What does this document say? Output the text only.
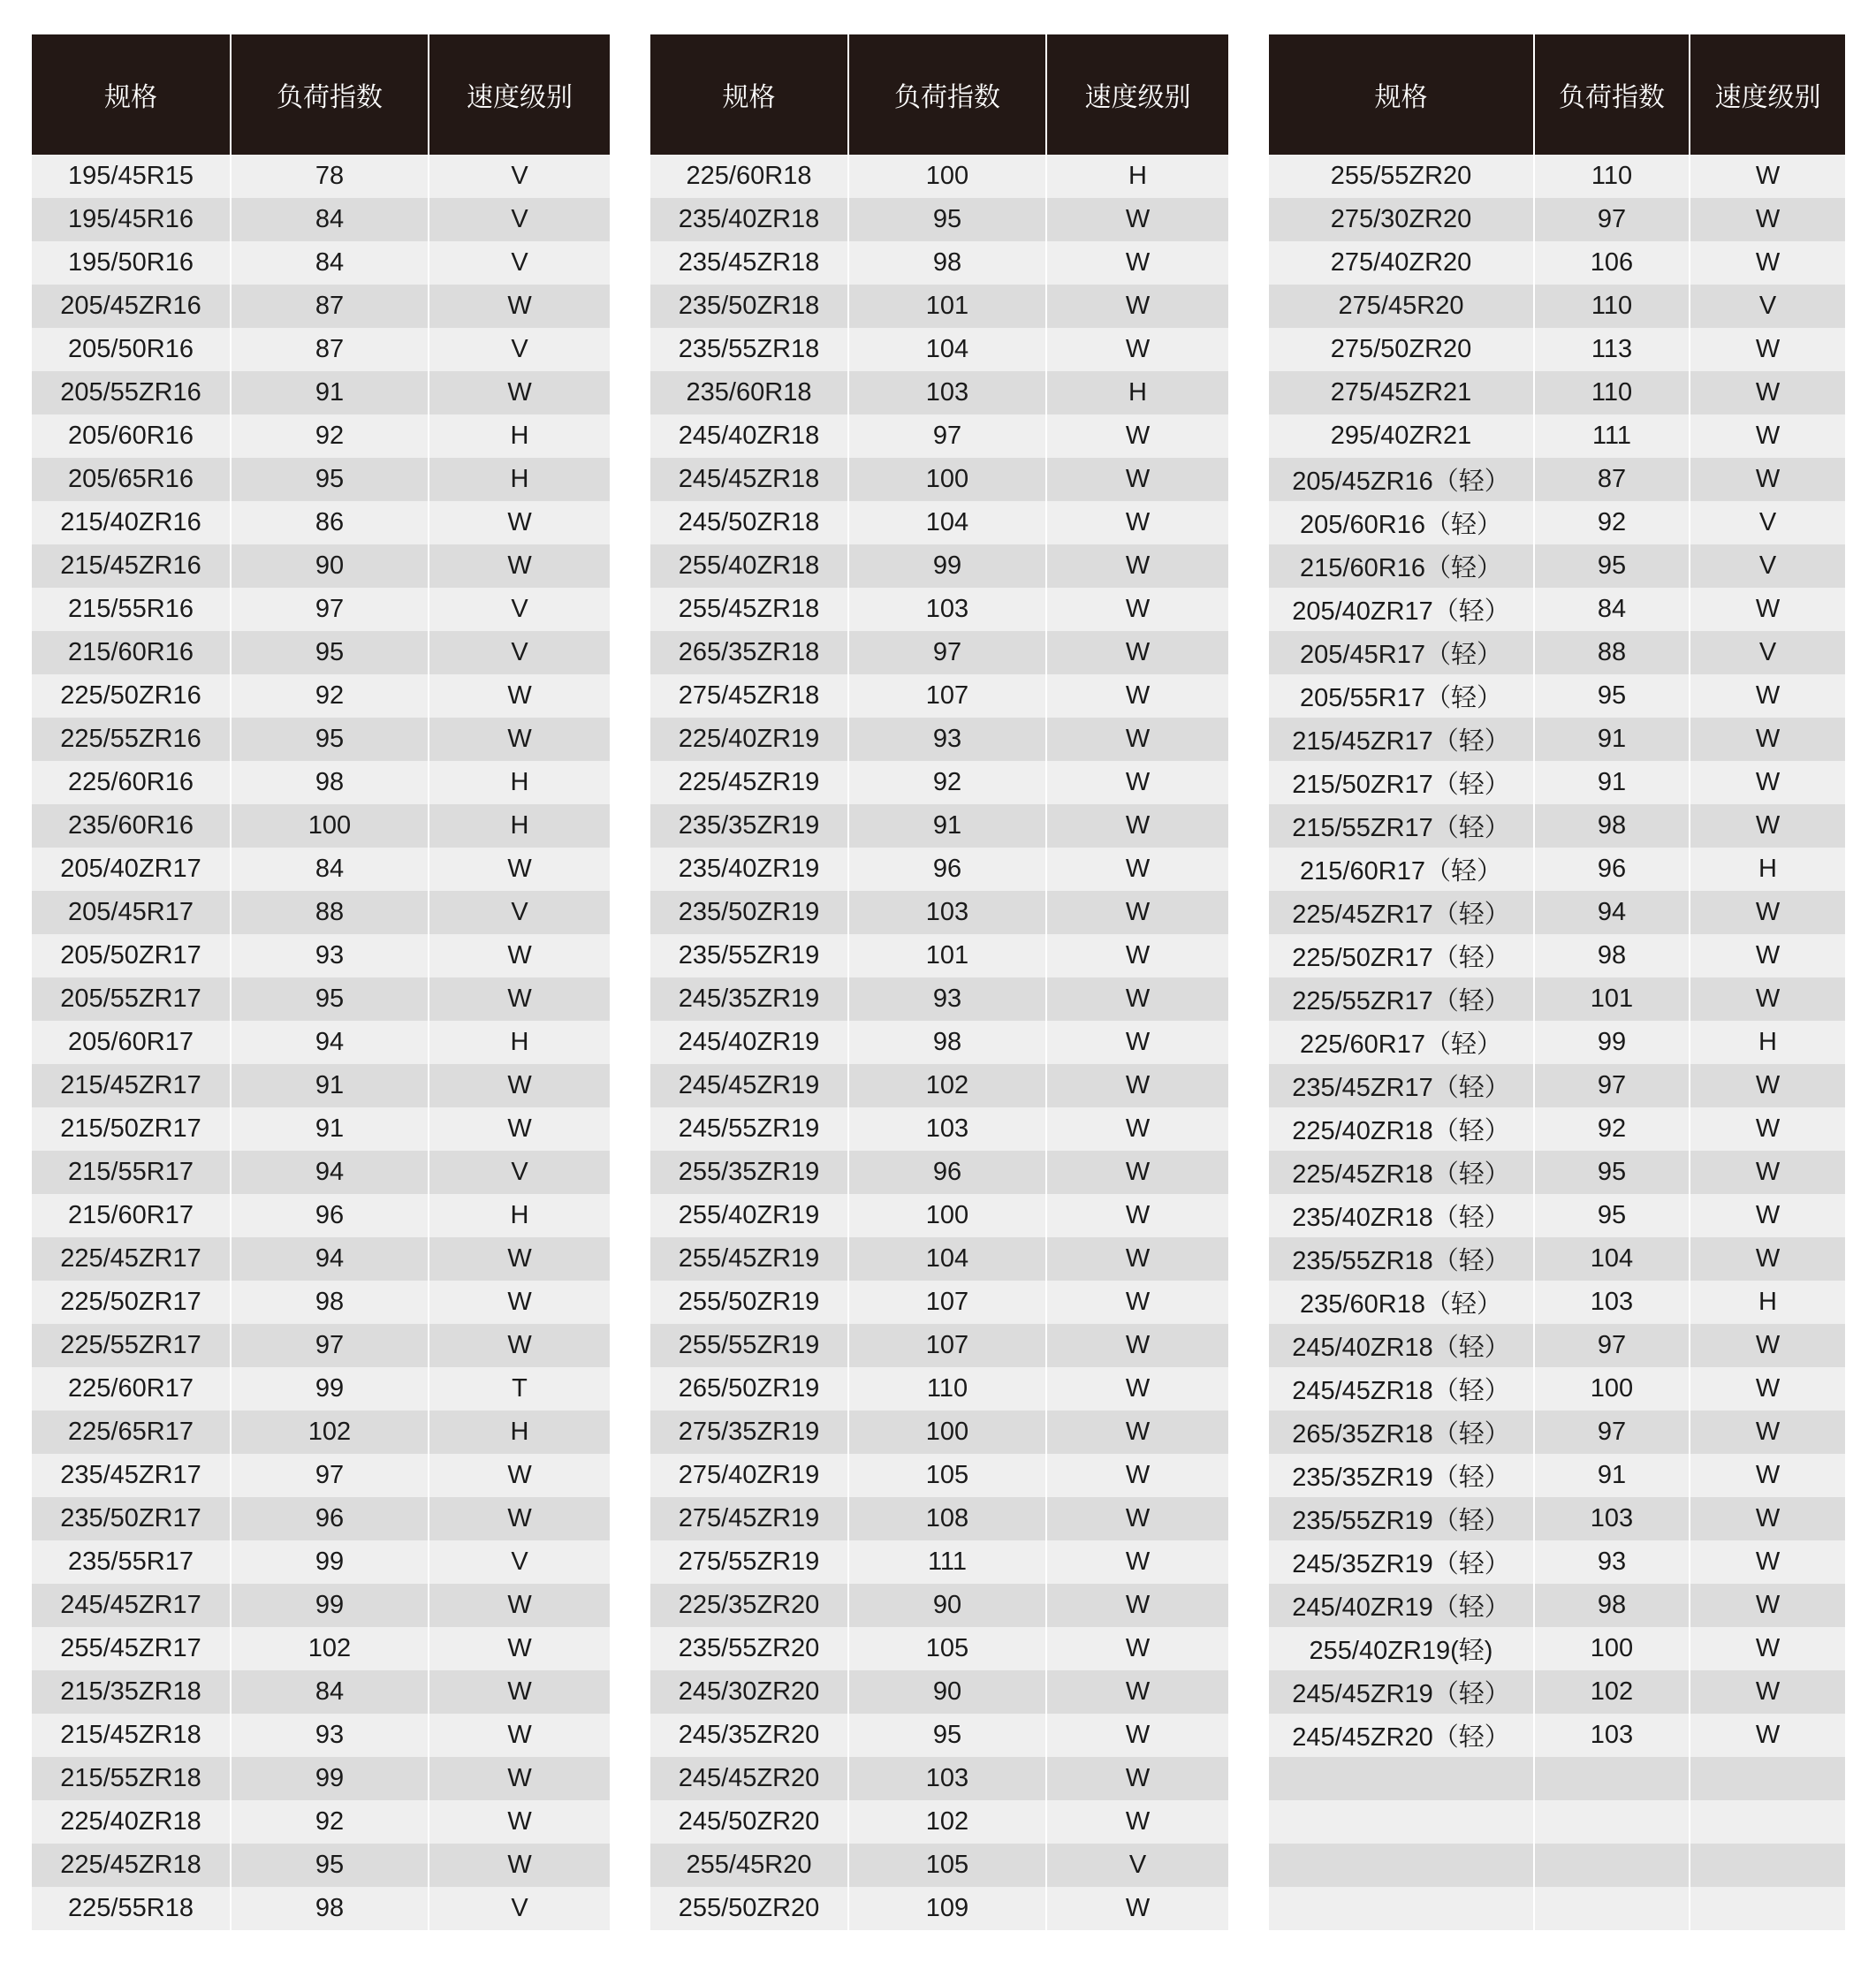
规格	负荷指数	速度级别
195/45R15	78	V
195/45R16	84	V
195/50R16	84	V
205/45ZR16	87	W
205/50R16	87	V
205/55ZR16	91	W
205/60R16	92	H
205/65R16	95	H
215/40ZR16	86	W
215/45ZR16	90	W
215/55R16	97	V
215/60R16	95	V
225/50ZR16	92	W
225/55ZR16	95	W
225/60R16	98	H
235/60R16	100	H
205/40ZR17	84	W
205/45R17	88	V
205/50ZR17	93	W
205/55ZR17	95	W
205/60R17	94	H
215/45ZR17	91	W
215/50ZR17	91	W
215/55R17	94	V
215/60R17	96	H
225/45ZR17	94	W
225/50ZR17	98	W
225/55ZR17	97	W
225/60R17	99	T
225/65R17	102	H
235/45ZR17	97	W
235/50ZR17	96	W
235/55R17	99	V
245/45ZR17	99	W
255/45ZR17	102	W
215/35ZR18	84	W
215/45ZR18	93	W
215/55ZR18	99	W
225/40ZR18	92	W
225/45ZR18	95	W
225/55R18	98	V
规格	负荷指数	速度级别
225/60R18	100	H
235/40ZR18	95	W
235/45ZR18	98	W
235/50ZR18	101	W
235/55ZR18	104	W
235/60R18	103	H
245/40ZR18	97	W
245/45ZR18	100	W
245/50ZR18	104	W
255/40ZR18	99	W
255/45ZR18	103	W
265/35ZR18	97	W
275/45ZR18	107	W
225/40ZR19	93	W
225/45ZR19	92	W
235/35ZR19	91	W
235/40ZR19	96	W
235/50ZR19	103	W
235/55ZR19	101	W
245/35ZR19	93	W
245/40ZR19	98	W
245/45ZR19	102	W
245/55ZR19	103	W
255/35ZR19	96	W
255/40ZR19	100	W
255/45ZR19	104	W
255/50ZR19	107	W
255/55ZR19	107	W
265/50ZR19	110	W
275/35ZR19	100	W
275/40ZR19	105	W
275/45ZR19	108	W
275/55ZR19	111	W
225/35ZR20	90	W
235/55ZR20	105	W
245/30ZR20	90	W
245/35ZR20	95	W
245/45ZR20	103	W
245/50ZR20	102	W
255/45R20	105	V
255/50ZR20	109	W
规格	负荷指数	速度级别
255/55ZR20	110	W
275/30ZR20	97	W
275/40ZR20	106	W
275/45R20	110	V
275/50ZR20	113	W
275/45ZR21	110	W
295/40ZR21	111	W
205/45ZR16（轻）	87	W
205/60R16（轻）	92	V
215/60R16（轻）	95	V
205/40ZR17（轻）	84	W
205/45R17（轻）	88	V
205/55R17（轻）	95	W
215/45ZR17（轻）	91	W
215/50ZR17（轻）	91	W
215/55ZR17（轻）	98	W
215/60R17（轻）	96	H
225/45ZR17（轻）	94	W
225/50ZR17（轻）	98	W
225/55ZR17（轻）	101	W
225/60R17（轻）	99	H
235/45ZR17（轻）	97	W
225/40ZR18（轻）	92	W
225/45ZR18（轻）	95	W
235/40ZR18（轻）	95	W
235/55ZR18（轻）	104	W
235/60R18（轻）	103	H
245/40ZR18（轻）	97	W
245/45ZR18（轻）	100	W
265/35ZR18（轻）	97	W
235/35ZR19（轻）	91	W
235/55ZR19（轻）	103	W
245/35ZR19（轻）	93	W
245/40ZR19（轻）	98	W
255/40ZR19(轻)	100	W
245/45ZR19（轻）	102	W
245/45ZR20（轻）	103	W
